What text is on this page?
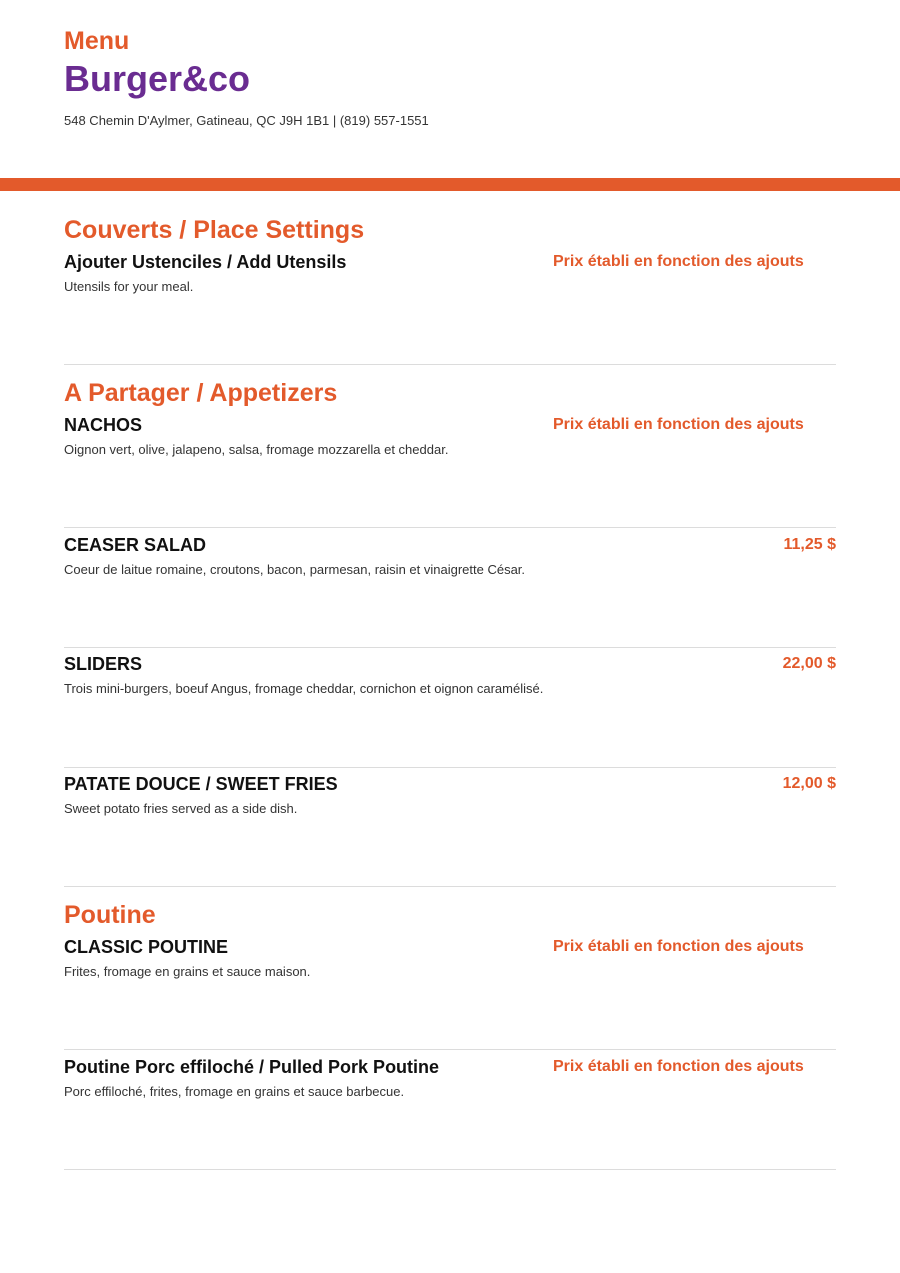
Menu
Burger&co
548 Chemin D'Aylmer, Gatineau, QC J9H 1B1 | (819) 557-1551
Couverts / Place Settings
Ajouter Ustenciles / Add Utensils	Prix établi en fonction des ajouts
Utensils for your meal.
A Partager / Appetizers
NACHOS	Prix établi en fonction des ajouts
Oignon vert, olive, jalapeno, salsa, fromage mozzarella et cheddar.
CEASER SALAD	11,25 $
Coeur de laitue romaine, croutons, bacon, parmesan, raisin et vinaigrette César.
SLIDERS	22,00 $
Trois mini-burgers, boeuf Angus, fromage cheddar, cornichon et oignon caramélisé.
PATATE DOUCE / SWEET FRIES	12,00 $
Sweet potato fries served as a side dish.
Poutine
CLASSIC POUTINE	Prix établi en fonction des ajouts
Frites, fromage en grains et sauce maison.
Poutine Porc effiloché / Pulled Pork Poutine	Prix établi en fonction des ajouts
Porc effiloché, frites, fromage en grains et sauce barbecue.
